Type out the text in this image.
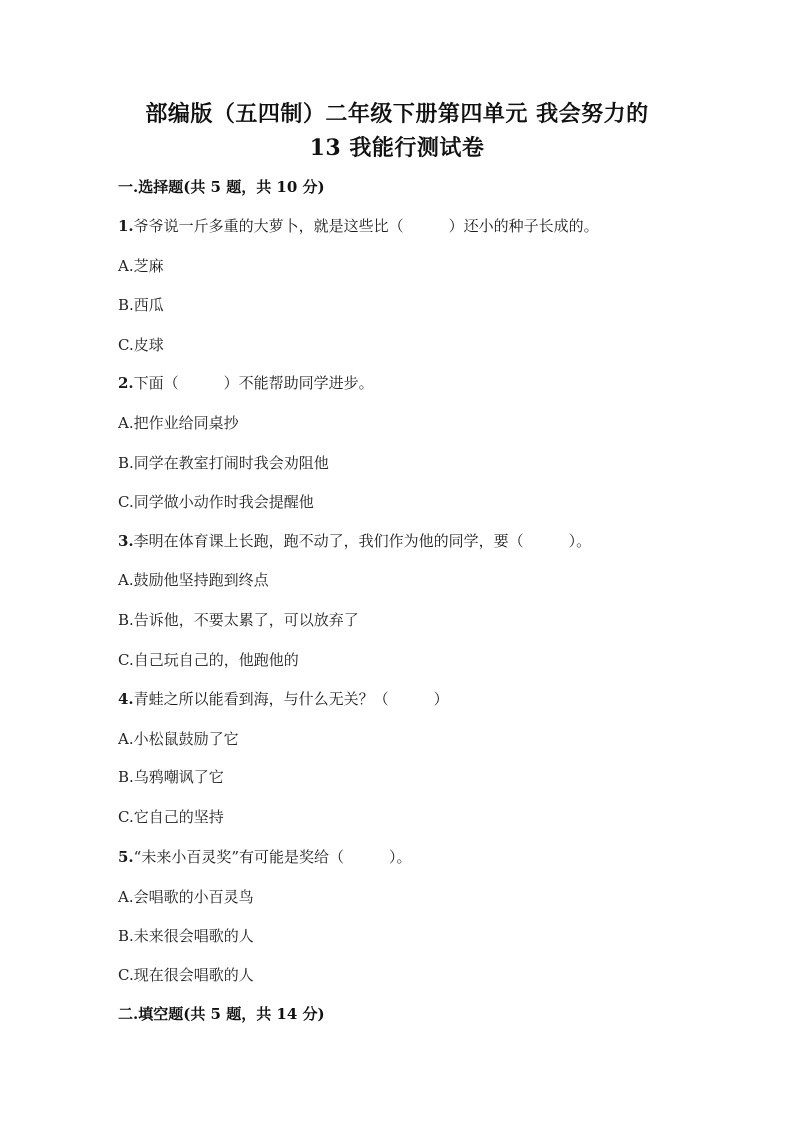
部编版（五四制）二年级下册第四单元 我会努力的
13 我能行测试卷
一.选择题(共 5 题，共 10 分)
1.爷爷说一斤多重的大萝卜，就是这些比（　　　）还小的种子长成的。
A.芝麻
B.西瓜
C.皮球
2.下面（　　　）不能帮助同学进步。
A.把作业给同桌抄
B.同学在教室打闹时我会劝阻他
C.同学做小动作时我会提醒他
3.李明在体育课上长跑，跑不动了，我们作为他的同学，要（　　　）。
A.鼓励他坚持跑到终点
B.告诉他，不要太累了，可以放弃了
C.自己玩自己的，他跑他的
4.青蛙之所以能看到海，与什么无关？（　　　）
A.小松鼠鼓励了它
B.乌鸦嘲讽了它
C.它自己的坚持
5.“未来小百灵奖”有可能是奖给（　　　）。
A.会唱歌的小百灵鸟
B.未来很会唱歌的人
C.现在很会唱歌的人
二.填空题(共 5 题，共 14 分)
